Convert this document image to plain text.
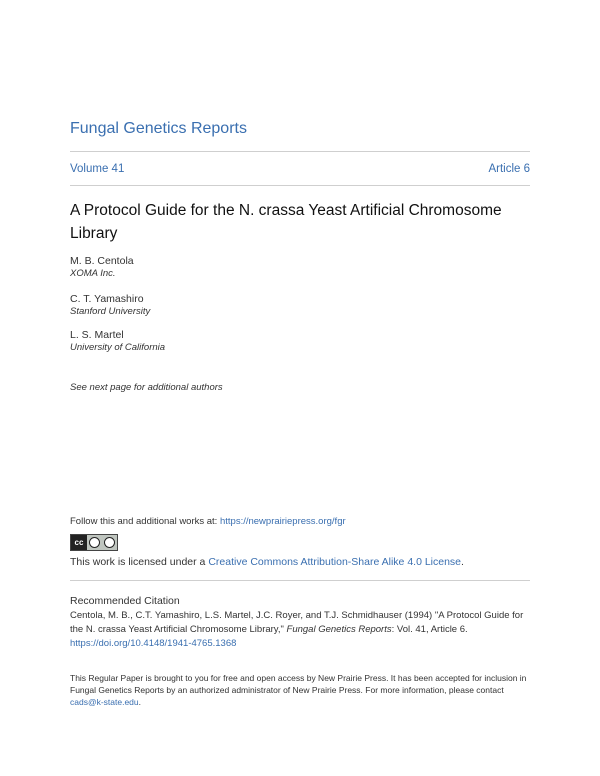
Fungal Genetics Reports
Volume 41	Article 6
A Protocol Guide for the N. crassa Yeast Artificial Chromosome Library
M. B. Centola
XOMA Inc.
C. T. Yamashiro
Stanford University
L. S. Martel
University of California
See next page for additional authors
Follow this and additional works at: https://newprairiepress.org/fgr
cc
This work is licensed under a Creative Commons Attribution-Share Alike 4.0 License.
Recommended Citation
Centola, M. B., C.T. Yamashiro, L.S. Martel, J.C. Royer, and T.J. Schmidhauser (1994) "A Protocol Guide for the N. crassa Yeast Artificial Chromosome Library," Fungal Genetics Reports: Vol. 41, Article 6.
https://doi.org/10.4148/1941-4765.1368
This Regular Paper is brought to you for free and open access by New Prairie Press. It has been accepted for inclusion in Fungal Genetics Reports by an authorized administrator of New Prairie Press. For more information, please contact cads@k-state.edu.
